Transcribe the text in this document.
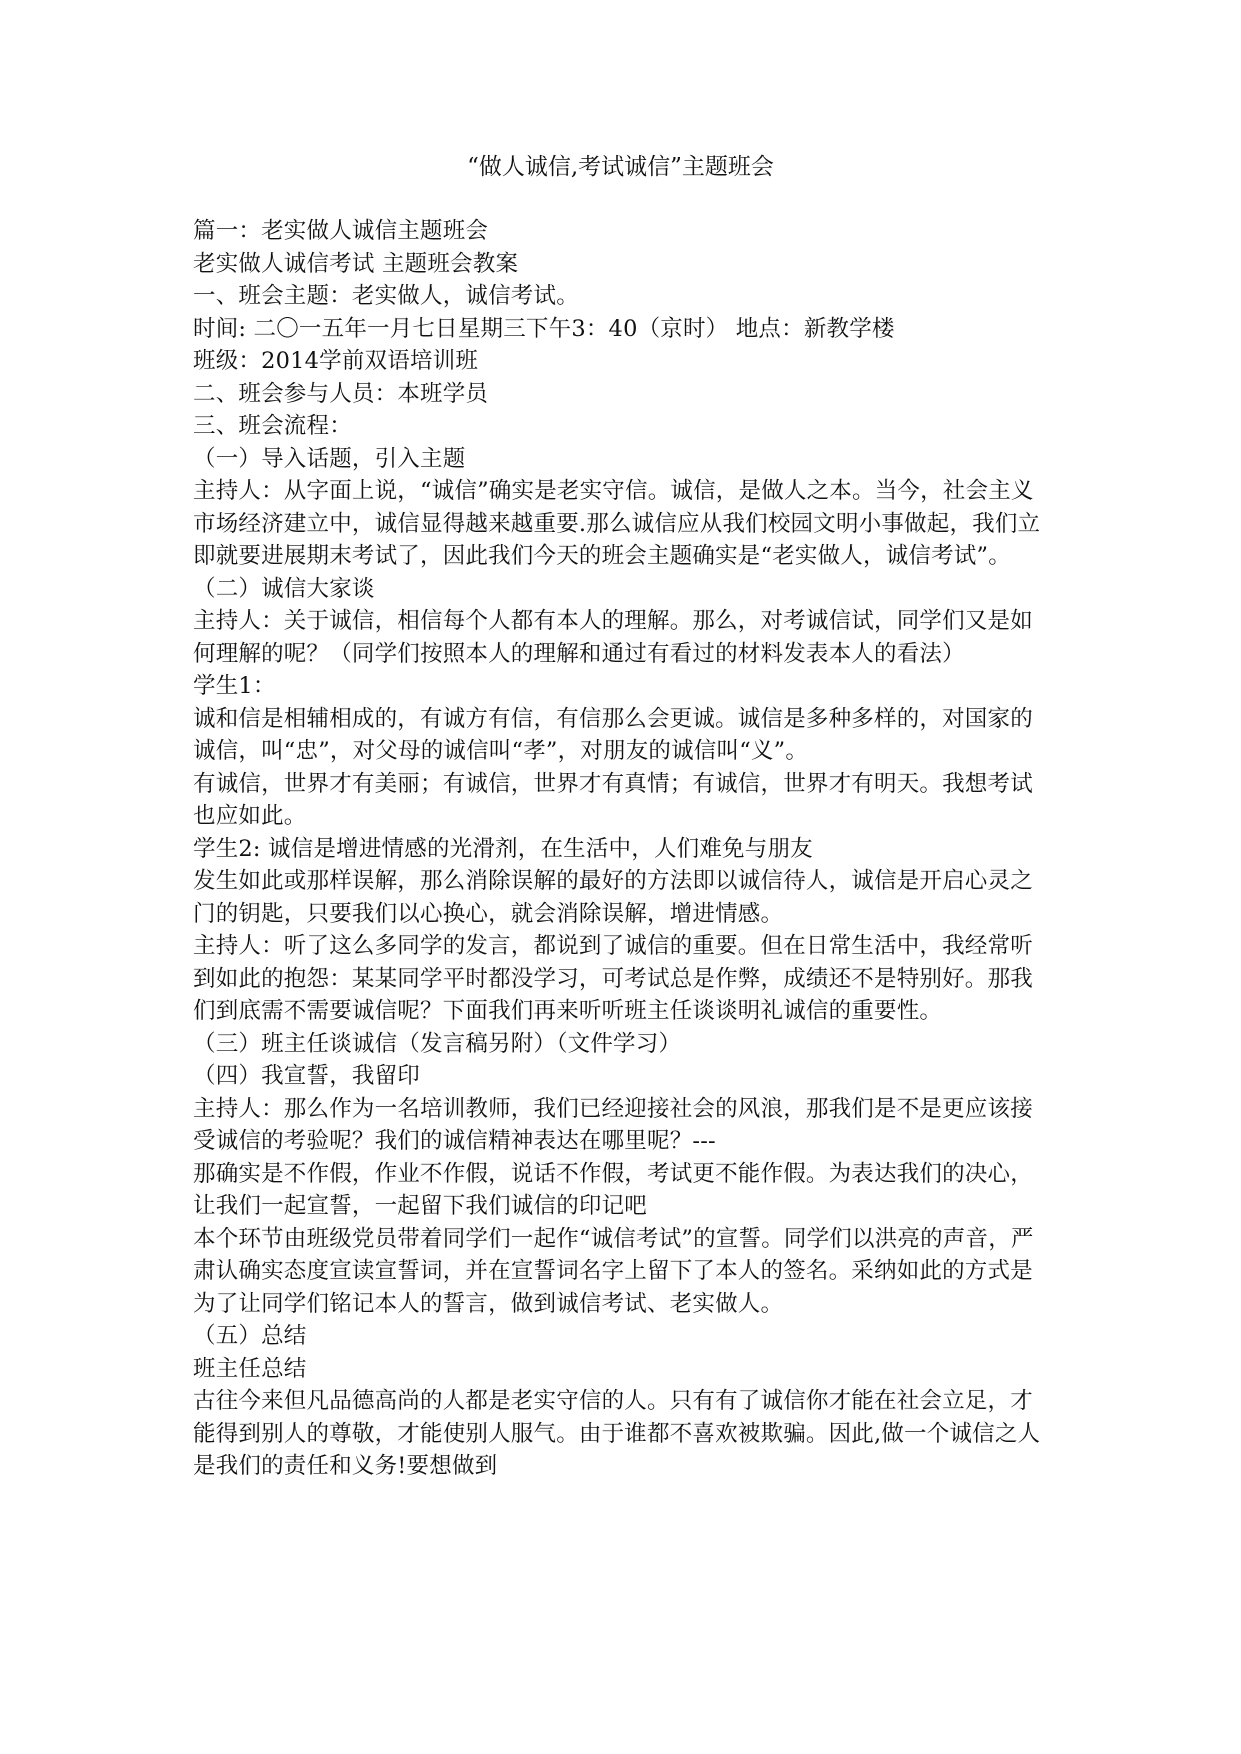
“做人诚信,考试诚信”主题班会

篇一：老实做人诚信主题班会

老实做人诚信考试 主题班会教案

一、班会主题：老实做人，诚信考试。

时间: 二〇一五年一月七日星期三下午3：40（京时） 地点：新教学楼

班级：2014学前双语培训班

二、班会参与人员：本班学员

三、班会流程：

（一）导入话题，引入主题

主持人：从字面上说，“诚信”确实是老实守信。诚信，是做人之本。当今，社会主义市场经济建立中，诚信显得越来越重要.那么诚信应从我们校园文明小事做起，我们立即就要进展期末考试了，因此我们今天的班会主题确实是“老实做人，诚信考试”。

（二）诚信大家谈

主持人：关于诚信，相信每个人都有本人的理解。那么，对考诚信试，同学们又是如何理解的呢？（同学们按照本人的理解和通过有看过的材料发表本人的看法）

学生1：

诚和信是相辅相成的，有诚方有信，有信那么会更诚。诚信是多种多样的，对国家的诚信，叫“忠”，对父母的诚信叫“孝”，对朋友的诚信叫“义”。

有诚信，世界才有美丽；有诚信，世界才有真情；有诚信，世界才有明天。我想考试也应如此。

学生2: 诚信是增进情感的光滑剂，在生活中，人们难免与朋友

发生如此或那样误解，那么消除误解的最好的方法即以诚信待人，诚信是开启心灵之门的钥匙，只要我们以心换心，就会消除误解，增进情感。

主持人：听了这么多同学的发言，都说到了诚信的重要。但在日常生活中，我经常听到如此的抱怨：某某同学平时都没学习，可考试总是作弊，成绩还不是特别好。那我们到底需不需要诚信呢？下面我们再来听听班主任谈谈明礼诚信的重要性。

（三）班主任谈诚信（发言稿另附）（文件学习）

（四）我宣誓，我留印

主持人：那么作为一名培训教师，我们已经迎接社会的风浪，那我们是不是更应该接受诚信的考验呢？我们的诚信精神表达在哪里呢？---

那确实是不作假，作业不作假，说话不作假，考试更不能作假。为表达我们的决心，让我们一起宣誓，一起留下我们诚信的印记吧

本个环节由班级党员带着同学们一起作“诚信考试”的宣誓。同学们以洪亮的声音，严肃认确实态度宣读宣誓词，并在宣誓词名字上留下了本人的签名。采纳如此的方式是为了让同学们铭记本人的誓言，做到诚信考试、老实做人。

（五）总结

班主任总结

古往今来但凡品德高尚的人都是老实守信的人。只有有了诚信你才能在社会立足，才能得到别人的尊敬，才能使别人服气。由于谁都不喜欢被欺骗。因此,做一个诚信之人是我们的责任和义务!要想做到
